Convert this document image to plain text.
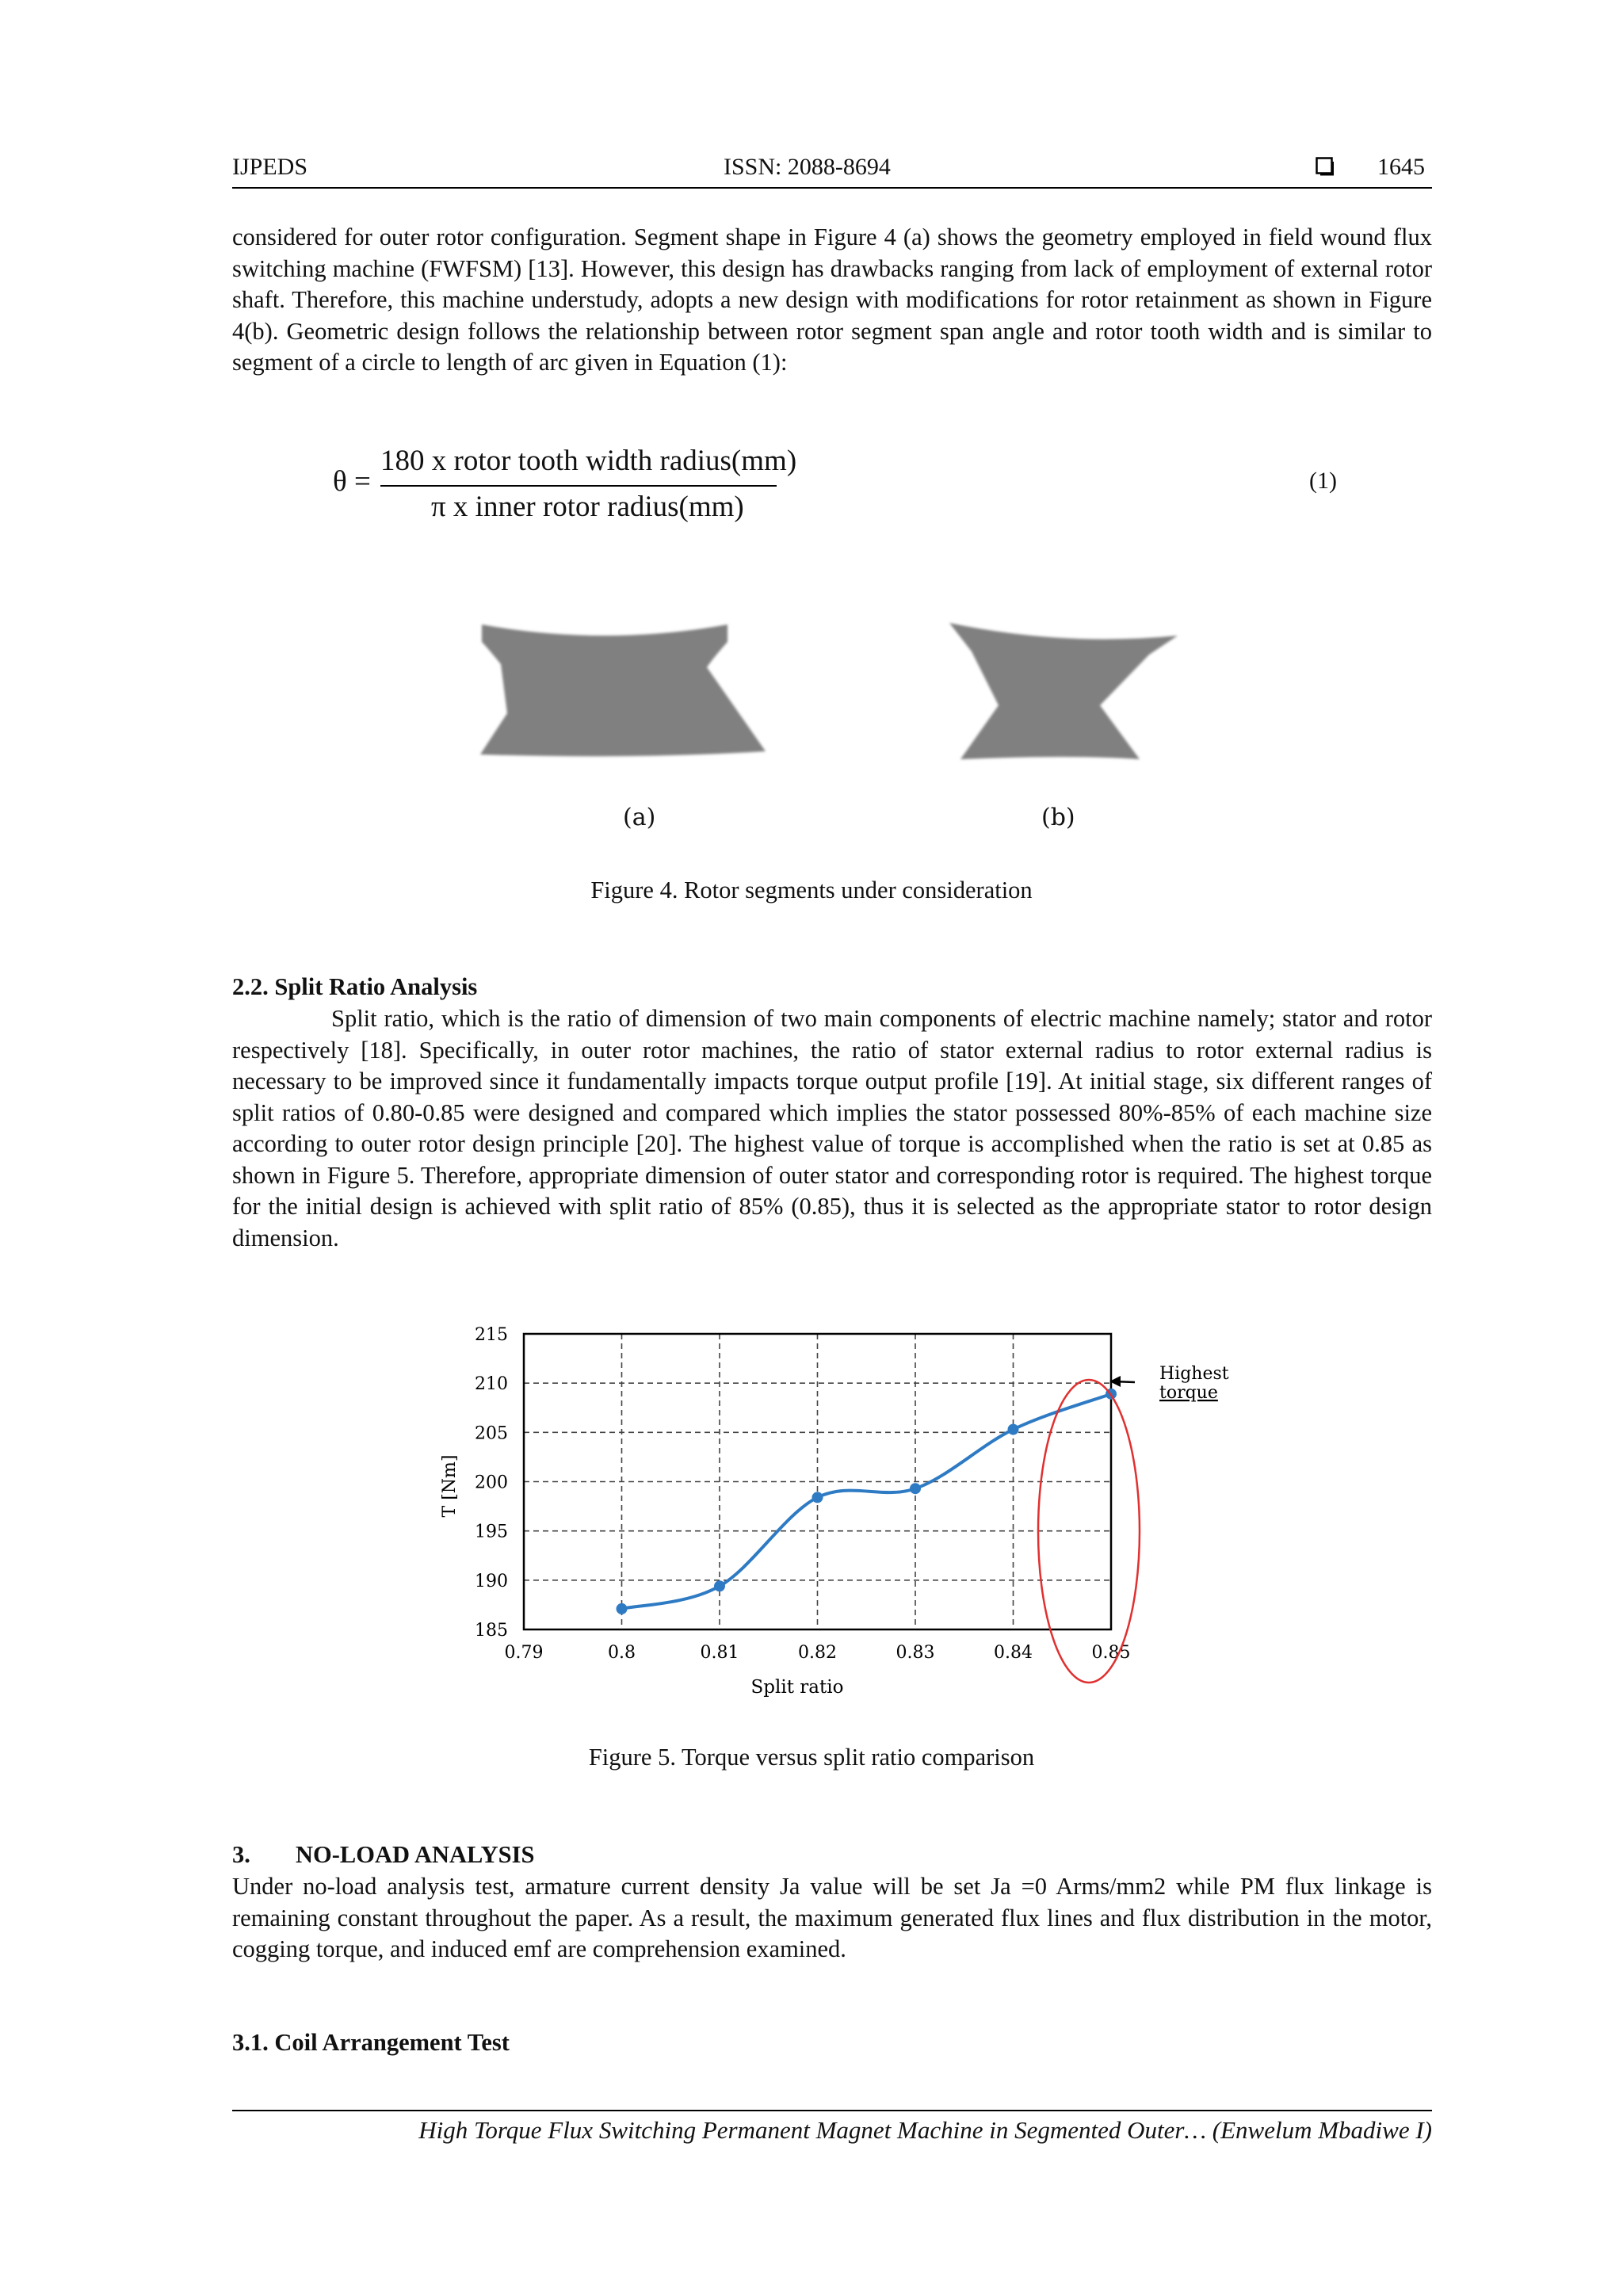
IJPEDS	ISSN: 2088-8694	1645

considered for outer rotor configuration. Segment shape in Figure 4 (a) shows the geometry employed in field wound flux switching machine (FWFSM) [13]. However, this design has drawbacks ranging from lack of employment of external rotor shaft. Therefore, this machine understudy, adopts a new design with modifications for rotor retainment as shown in Figure 4(b). Geometric design follows the relationship between rotor segment span angle and rotor tooth width and is similar to segment of a circle to length of arc given in Equation (1):

θ =
180 x rotor tooth width radius(mm)
π x inner rotor radius(mm)
(1)
(a)	(b)
Figure 4. Rotor segments under consideration
2.2. Split Ratio Analysis

Split ratio, which is the ratio of dimension of two main components of electric machine namely; stator and rotor respectively [18]. Specifically, in outer rotor machines, the ratio of stator external radius to rotor external radius is necessary to be improved since it fundamentally impacts torque output profile [19]. At initial stage, six different ranges of split ratios of 0.80-0.85 were designed and compared which implies the stator possessed 80%-85% of each machine size according to outer rotor design principle [20]. The highest value of torque is accomplished when the ratio is set at 0.85 as shown in Figure 5. Therefore, appropriate dimension of outer stator and corresponding rotor is required. The highest torque for the initial design is achieved with split ratio of 85% (0.85), thus it is selected as the appropriate stator to rotor design dimension.

215
210
205
200
195
190
185
0.79	0.8	0.81	0.82	0.83	0.84	0.85
Highest
torque
Split ratio
T [Nm]
Figure 5. Torque versus split ratio comparison
3. NO-LOAD ANALYSIS

Under no-load analysis test, armature current density Ja value will be set Ja =0 Arms/mm2 while PM flux linkage is remaining constant throughout the paper. As a result, the maximum generated flux lines and flux distribution in the motor, cogging torque, and induced emf are comprehension examined.

3.1. Coil Arrangement Test
High Torque Flux Switching Permanent Magnet Machine in Segmented Outer… (Enwelum Mbadiwe I)
